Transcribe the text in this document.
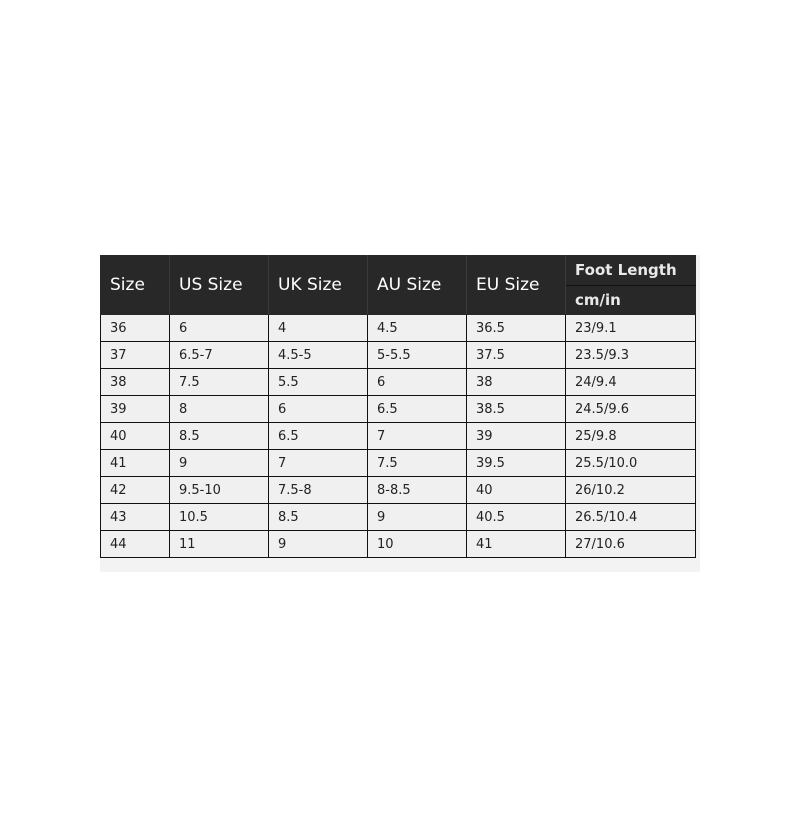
Size	US Size	UK Size	AU Size	EU Size	Foot Length
					cm/in
36	6	4	4.5	36.5	23/9.1
37	6.5-7	4.5-5	5-5.5	37.5	23.5/9.3
38	7.5	5.5	6	38	24/9.4
39	8	6	6.5	38.5	24.5/9.6
40	8.5	6.5	7	39	25/9.8
41	9	7	7.5	39.5	25.5/10.0
42	9.5-10	7.5-8	8-8.5	40	26/10.2
43	10.5	8.5	9	40.5	26.5/10.4
44	11	9	10	41	27/10.6
